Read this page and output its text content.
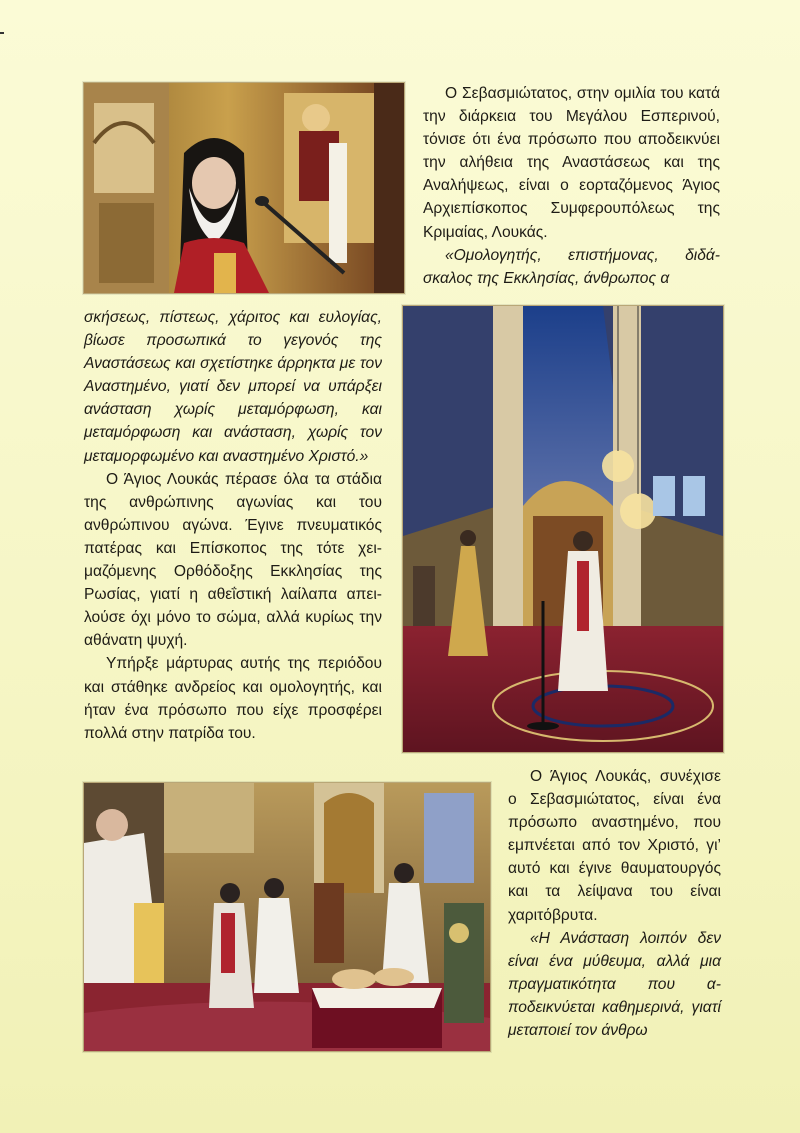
Ο Σεβασμιώτατος, στην ομιλία του κατά την διάρκεια του Μεγάλου Εσπερινού, τόνισε ότι ένα πρόσωπο που αποδεικνύει την αλήθεια της Αναστάσεως και της Αναλήψεως, είναι ο εορταζόμενος Άγιος Αρχιεπίσκοπος Συμφερουπόλεως της Κριμαίας, Λουκάς.

«Ομολογητής, επιστήμονας, διδάσκαλος της Εκκλησίας, άνθρωπος α

σκήσεως, πίστεως, χάριτος και ευλογίας, βίωσε προσωπικά το γεγονός της Αναστάσεως και σχετίστηκε άρρηκτα με τον Αναστημένο, γιατί δεν μπορεί να υπάρξει ανάσταση χωρίς μεταμόρφωση, και μεταμόρφωση και ανάσταση, χωρίς τον μεταμορφωμένο και αναστημένο Χριστό.»

Ο Άγιος Λουκάς πέρασε όλα τα στάδια της ανθρώπινης αγωνίας και του ανθρώπινου αγώνα. Έγινε πνευματικός πατέρας και Επίσκοπος της τότε χειμαζόμενης Ορθόδοξης Εκκλησίας της Ρωσίας, γιατί η αθεΐστική λαίλαπα απειλούσε όχι μόνο το σώμα, αλλά κυρίως την αθάνατη ψυχή.

Υπήρξε μάρτυρας αυτής της περιόδου και στάθηκε ανδρείος και ομολογητής, και ήταν ένα πρόσωπο που είχε προσφέρει πολλά στην πατρίδα του.

Ο Άγιος Λουκάς, συνέχισε ο Σεβασμιώτατος, είναι ένα πρόσωπο αναστημένο, που εμπνέεται από τον Χριστό, γι’ αυτό και έγινε θαυματουργός και τα λείψανα του είναι χαριτόβρυτα.

«Η Ανάσταση λοιπόν δεν είναι ένα μύθευμα, αλλά μια πραγματικότητα που αποδεικνύεται καθημερινά, γιατί μεταποιεί τον άνθρω
